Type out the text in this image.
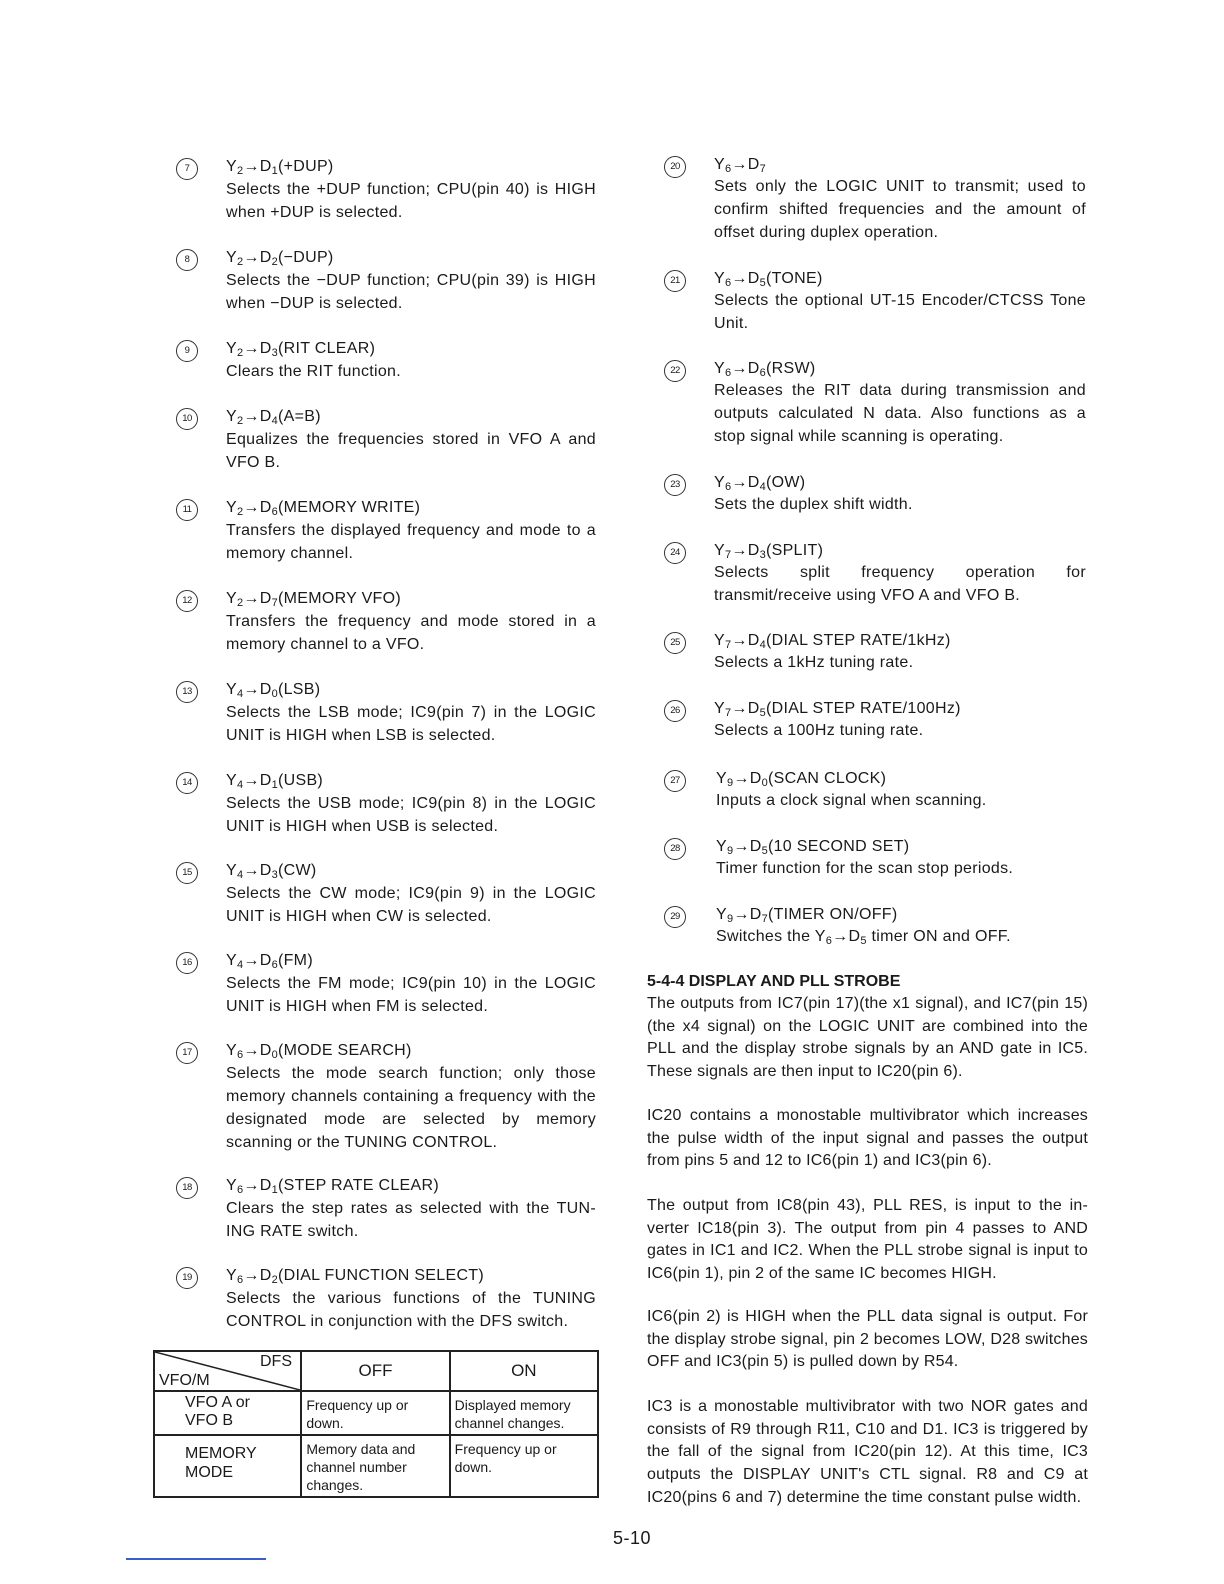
7	$Y_2\to D_1(+DUP)$
Selects the +DUP function; CPU(pin 40) is HIGH when +DUP is selected.
8	$Y_2\to D_2(-DUP)$
Selects the −DUP function; CPU(pin 39) is HIGH when −DUP is selected.
9	$Y_2\to D_3(RIT$ CLEAR)
Clears the RIT function.
10	$Y_2\to D_4(A=B)$
Equalizes the frequencies stored in VFO A and VFO B.
11	$Y_2\to D_6(MEMORY$ WRITE)
Transfers the displayed frequency and mode to a memory channel.
12	$Y_2\to D_7(MEMORY$ VFO)
Transfers the frequency and mode stored in a memory channel to a VFO.
13	$Y_4\to D_0(LSB)$
Selects the LSB mode; IC9(pin 7) in the LOGIC UNIT is HIGH when LSB is selected.
14	$Y_4\to D_1(USB)$
Selects the USB mode; IC9(pin 8) in the LOGIC UNIT is HIGH when USB is selected.
15	$Y_4\to D_3(CW)$
Selects the CW mode; IC9(pin 9) in the LOGIC UNIT is HIGH when CW is selected.
16	$Y_4\to D_6(FM)$
Selects the FM mode; IC9(pin 10) in the LOGIC UNIT is HIGH when FM is selected.
17	$Y_6\to D_0(MODE$ SEARCH)
Selects the mode search function; only those memory channels containing a frequency with the designated mode are selected by memory scanning or the TUNING CONTROL.
18	$Y_6\to D_1(STEP$ RATE CLEAR)
Clears the step rates as selected with the TUN-ING RATE switch.
19	$Y_6\to D_2(DIAL$ FUNCTION SELECT)
Selects the various functions of the TUNING CONTROL in conjunction with the DFS switch.
DFS
VFO/M	OFF	ON

VFO A or VFO B	Frequency up or down.	Displayed memory channel changes.

MEMORY MODE	Memory data and channel number changes.	Frequency up or down.
20	$Y_6\to D_7$
Sets only the LOGIC UNIT to transmit; used to confirm shifted frequencies and the amount of offset during duplex operation.
21	$Y_6\to D_5(TONE)$
Selects the optional UT-15 Encoder/CTCSS Tone Unit.
22	$Y_6\to D_6(RSW)$
Releases the RIT data during transmission and outputs calculated N data. Also functions as a stop signal while scanning is operating.
23	$Y_6\to D_4(OW)$
Sets the duplex shift width.
24	$Y_7\to D_3(SPLIT)$
Selects split frequency operation for transmit/receive using VFO A and VFO B.
25	$Y_7\to D_4(DIAL$ STEP RATE/1kHz)
Selects a 1kHz tuning rate.
26	$Y_7\to D_5(DIAL$ STEP RATE/100Hz)
Selects a 100Hz tuning rate.
27	$Y_9\to D_0(SCAN$ CLOCK)
Inputs a clock signal when scanning.
28	$Y_9\to D_5(10$ SECOND SET)
Timer function for the scan stop periods.
29	$Y_9\to D_7(TIMER$ ON/OFF)
Switches the $Y_6\to D_5$ timer ON and OFF.
5-4-4 DISPLAY AND PLL STROBE
The outputs from IC7(pin 17)(the x1 signal), and IC7(pin 15)(the x4 signal) on the LOGIC UNIT are combined into the PLL and the display strobe signals by an AND gate in IC5. These signals are then input to IC20(pin 6).
IC20 contains a monostable multivibrator which increases the pulse width of the input signal and passes the output from pins 5 and 12 to IC6(pin 1) and IC3(pin 6).
The output from IC8(pin 43), PLL RES, is input to the in-verter IC18(pin 3). The output from pin 4 passes to AND gates in IC1 and IC2. When the PLL strobe signal is input to IC6(pin 1), pin 2 of the same IC becomes HIGH.
IC6(pin 2) is HIGH when the PLL data signal is output. For the display strobe signal, pin 2 becomes LOW, D28 switches OFF and IC3(pin 5) is pulled down by R54.
IC3 is a monostable multivibrator with two NOR gates and consists of R9 through R11, C10 and D1. IC3 is triggered by the fall of the signal from IC20(pin 12). At this time, IC3 outputs the DISPLAY UNIT's CTL signal. R8 and C9 at IC20(pins 6 and 7) determine the time constant pulse width.
5-10
